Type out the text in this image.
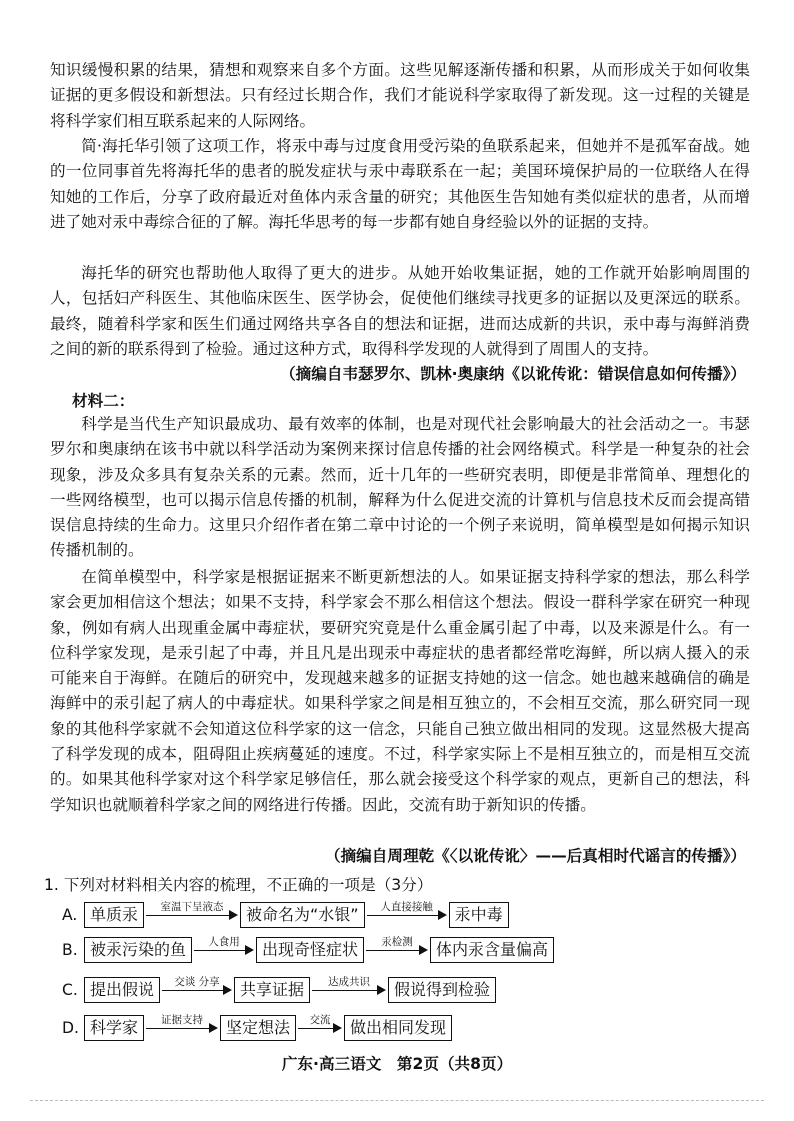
知识缓慢积累的结果，猜想和观察来自多个方面。这些见解逐渐传播和积累，从而形成关于如何收集证据的更多假设和新想法。只有经过长期合作，我们才能说科学家取得了新发现。这一过程的关键是将科学家们相互联系起来的人际网络。

简·海托华引领了这项工作，将汞中毒与过度食用受污染的鱼联系起来，但她并不是孤军奋战。她的一位同事首先将海托华的患者的脱发症状与汞中毒联系在一起；美国环境保护局的一位联络人在得知她的工作后，分享了政府最近对鱼体内汞含量的研究；其他医生告知她有类似症状的患者，从而增进了她对汞中毒综合征的了解。海托华思考的每一步都有她自身经验以外的证据的支持。

海托华的研究也帮助他人取得了更大的进步。从她开始收集证据，她的工作就开始影响周围的人，包括妇产科医生、其他临床医生、医学协会，促使他们继续寻找更多的证据以及更深远的联系。最终，随着科学家和医生们通过网络共享各自的想法和证据，进而达成新的共识，汞中毒与海鲜消费之间的新的联系得到了检验。通过这种方式，取得科学发现的人就得到了周围人的支持。

（摘编自韦瑟罗尔、凯林·奥康纳《以讹传讹：错误信息如何传播》）
材料二：

科学是当代生产知识最成功、最有效率的体制，也是对现代社会影响最大的社会活动之一。韦瑟罗尔和奥康纳在该书中就以科学活动为案例来探讨信息传播的社会网络模式。科学是一种复杂的社会现象，涉及众多具有复杂关系的元素。然而，近十几年的一些研究表明，即便是非常简单、理想化的一些网络模型，也可以揭示信息传播的机制，解释为什么促进交流的计算机与信息技术反而会提高错误信息持续的生命力。这里只介绍作者在第二章中讨论的一个例子来说明，简单模型是如何揭示知识传播机制的。

在简单模型中，科学家是根据证据来不断更新想法的人。如果证据支持科学家的想法，那么科学家会更加相信这个想法；如果不支持，科学家会不那么相信这个想法。假设一群科学家在研究一种现象，例如有病人出现重金属中毒症状，要研究究竟是什么重金属引起了中毒，以及来源是什么。有一位科学家发现，是汞引起了中毒，并且凡是出现汞中毒症状的患者都经常吃海鲜，所以病人摄入的汞可能来自于海鲜。在随后的研究中，发现越来越多的证据支持她的这一信念。她也越来越确信的确是海鲜中的汞引起了病人的中毒症状。如果科学家之间是相互独立的，不会相互交流，那么研究同一现象的其他科学家就不会知道这位科学家的这一信念，只能自己独立做出相同的发现。这显然极大提高了科学发现的成本，阻碍阻止疾病蔓延的速度。不过，科学家实际上不是相互独立的，而是相互交流的。如果其他科学家对这个科学家足够信任，那么就会接受这个科学家的观点，更新自己的想法，科学知识也就顺着科学家之间的网络进行传播。因此，交流有助于新知识的传播。

（摘编自周理乾《〈以讹传讹〉——后真相时代谣言的传播》）
1. 下列对材料相关内容的梳理，不正确的一项是（3分）
A. 单质汞	室温下呈液态	被命名为“水银”	人直接接触	汞中毒
B. 被汞污染的鱼	人食用	出现奇怪症状	汞检测	体内汞含量偏高
C. 提出假说	交谈 分享	共享证据	达成共识	假说得到检验
D. 科学家	证据支持	坚定想法	交流	做出相同发现
广东·高三语文　第2页（共8页）
